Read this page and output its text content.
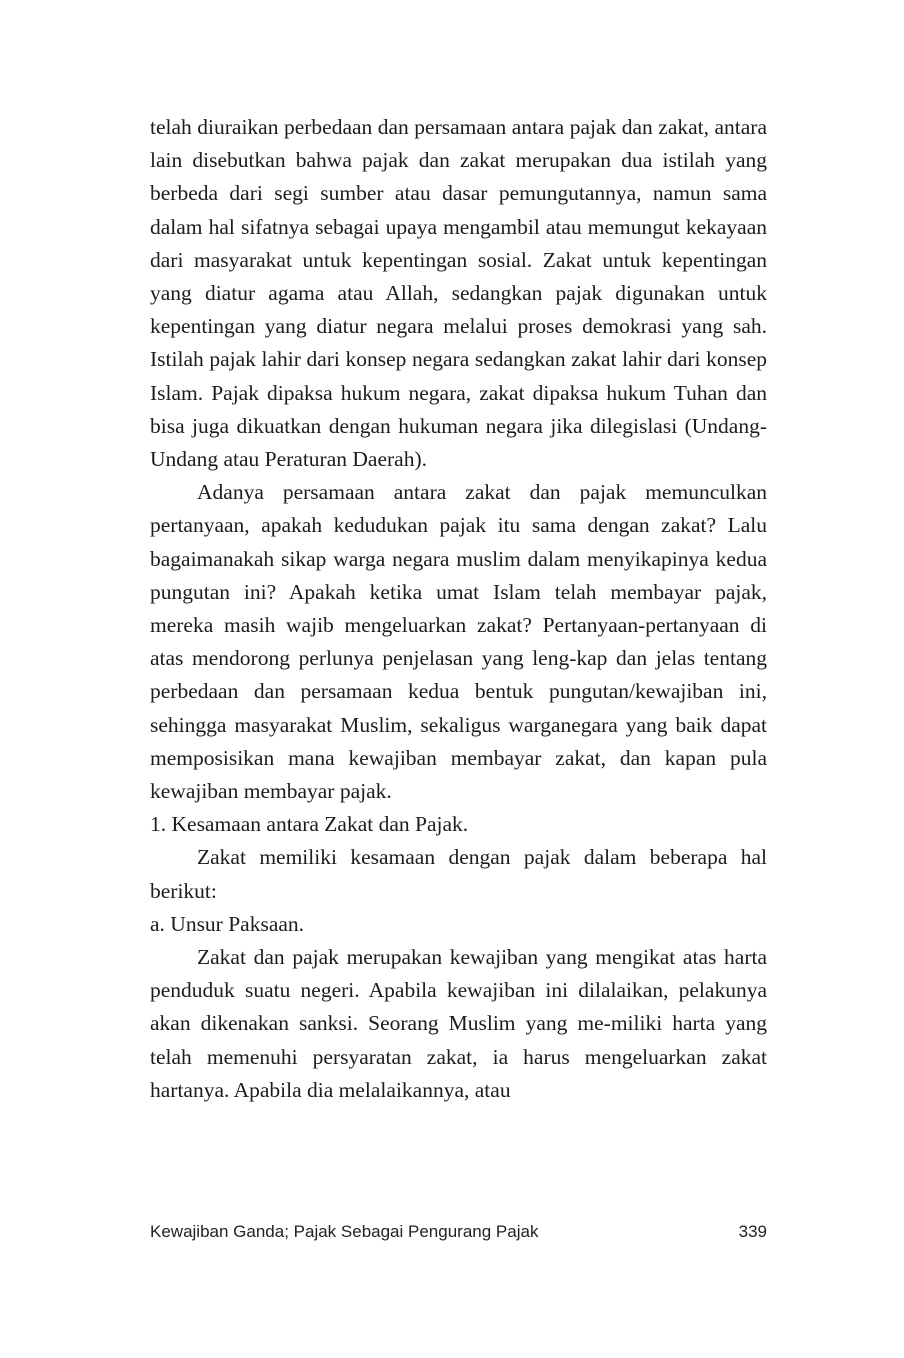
telah diuraikan perbedaan dan persamaan antara pajak dan zakat, antara lain disebutkan bahwa pajak dan zakat merupakan dua istilah yang berbeda dari segi sumber atau dasar pemungutannya, namun sama dalam hal sifatnya sebagai upaya mengambil atau memungut kekayaan dari masyarakat untuk kepentingan sosial. Zakat untuk kepentingan yang diatur agama atau Allah, sedangkan pajak digunakan untuk kepentingan yang diatur negara melalui proses demokrasi yang sah. Istilah pajak lahir dari konsep negara sedangkan zakat lahir dari konsep Islam. Pajak dipaksa hukum negara, zakat dipaksa hukum Tuhan dan bisa juga dikuatkan dengan hukuman negara jika dilegislasi (Undang-Undang atau Peraturan Daerah).

Adanya persamaan antara zakat dan pajak memunculkan pertanyaan, apakah kedudukan pajak itu sama dengan zakat? Lalu bagaimanakah sikap warga negara muslim dalam menyikapinya kedua pungutan ini? Apakah ketika umat Islam telah membayar pajak, mereka masih wajib mengeluarkan zakat? Pertanyaan-pertanyaan di atas mendorong perlunya penjelasan yang leng-kap dan jelas tentang perbedaan dan persamaan kedua bentuk pungutan/kewajiban ini, sehingga masyarakat Muslim, sekaligus warganegara yang baik dapat memposisikan mana kewajiban membayar zakat, dan kapan pula kewajiban membayar pajak.

1. Kesamaan antara Zakat dan Pajak.

Zakat memiliki kesamaan dengan pajak dalam beberapa hal berikut:

a. Unsur Paksaan.

Zakat dan pajak merupakan kewajiban yang mengikat atas harta penduduk suatu negeri. Apabila kewajiban ini dilalaikan, pelakunya akan dikenakan sanksi. Seorang Muslim yang me-miliki harta yang telah memenuhi persyaratan zakat, ia harus mengeluarkan zakat hartanya. Apabila dia melalaikannya, atau

Kewajiban Ganda; Pajak Sebagai Pengurang Pajak	339
